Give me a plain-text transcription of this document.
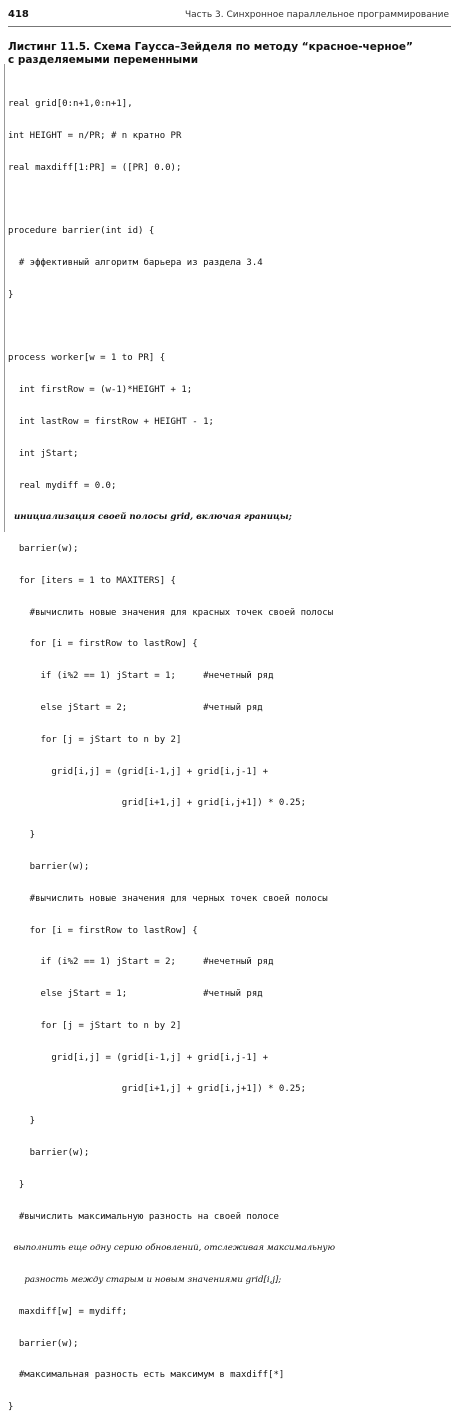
418	Часть 3. Синхронное параллельное программирование
Листинг 11.5. Схема Гаусса–Зейделя по методу “красное-черное”
с разделяемыми переменными

real grid[0:n+1,0:n+1],

int HEIGHT = n/PR; # n кратно PR

real maxdiff[1:PR] = ([PR] 0.0);

procedure barrier(int id) {

# эффективный алгоритм барьера из раздела 3.4

}

process worker[w = 1 to PR] {

int firstRow = (w-1)*HEIGHT + 1;

int lastRow = firstRow + HEIGHT - 1;

int jStart;

real mydiff = 0.0;

инициализация своей полосы grid, включая границы;

barrier(w);

for [iters = 1 to MAXITERS] {

#вычислить новые значения для красных точек своей полосы

for [i = firstRow to lastRow] {

if (i%2 == 1) jStart = 1;     #нечетный ряд

else jStart = 2;              #четный ряд

for [j = jStart to n by 2]

grid[i,j] = (grid[i-1,j] + grid[i,j-1] +

grid[i+1,j] + grid[i,j+1]) * 0.25;

}

barrier(w);

#вычислить новые значения для черных точек своей полосы

for [i = firstRow to lastRow] {

if (i%2 == 1) jStart = 2;     #нечетный ряд

else jStart = 1;              #четный ряд

for [j = jStart to n by 2]

grid[i,j] = (grid[i-1,j] + grid[i,j-1] +

grid[i+1,j] + grid[i,j+1]) * 0.25;

}

barrier(w);

}

#вычислить максимальную разность на своей полосе

выполнить еще одну серию обновлений, отслеживая максимальную

разность между старым и новым значениями grid[i,j];

maxdiff[w] = mydiff;

barrier(w);

#максимальная разность есть максимум в maxdiff[*]

}
